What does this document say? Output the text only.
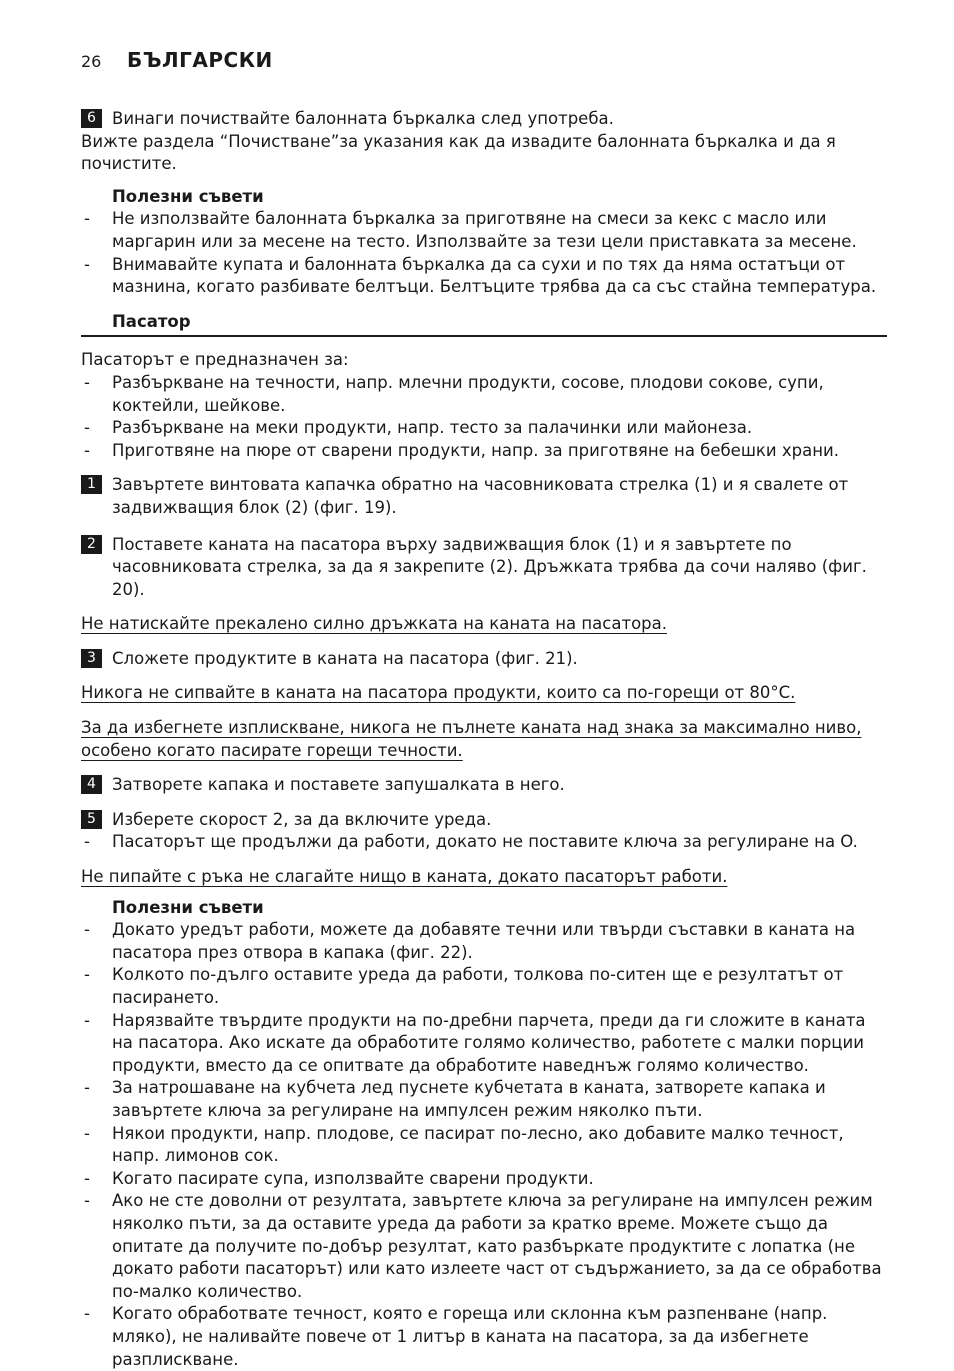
26 БЪЛГАРСКИ
6 Винаги почиствайте балонната бъркалка след употреба.

Вижте раздела “Почистване”за указания как да извадите балонната бъркалка и да я почистите.

Полезни съвети

- Не използвайте балонната бъркалка за приготвяне на смеси за кекс с масло или маргарин или за месене на тесто. Използвайте за тези цели приставката за месене.
- Внимавайте купата и балонната бъркалка да са сухи и по тях да няма остатъци от мазнина, когато разбивате белтъци. Белтъците трябва да са със стайна температура.

Пасатор

Пасаторът е предназначен за:

- Разбъркване на течности, напр. млечни продукти, сосове, плодови сокове, супи, коктейли, шейкове.
- Разбъркване на меки продукти, напр. тесто за палачинки или майонеза.
- Приготвяне на пюре от сварени продукти, напр. за приготвяне на бебешки храни.
1 Завъртете винтовата капачка обратно на часовниковата стрелка (1) и я свалете от задвижващия блок (2) (фиг. 19).
2 Поставете каната на пасатора върху задвижващия блок (1) и я завъртете по часовниковата стрелка, за да я закрепите (2). Дръжката трябва да сочи наляво (фиг. 20).

Не натискайте прекалено силно дръжката на каната на пасатора.

3 Сложете продуктите в каната на пасатора (фиг. 21).

Никога не сипвайте в каната на пасатора продукти, които са по-горещи от 80°C.

За да избегнете изплискване, никога не пълнете каната над знака за максимално ниво, особено когато пасирате горещи течности.

4 Затворете капака и поставете запушалката в него.
5 Изберете скорост 2, за да включите уреда.
- Пасаторът ще продължи да работи, докато не поставите ключа за регулиране на O.

Не пипайте с ръка не слагайте нищо в каната, докато пасаторът работи.

Полезни съвети

- Докато уредът работи, можете да добавяте течни или твърди съставки в каната на пасатора през отвора в капака (фиг. 22).
- Колкото по-дълго оставите уреда да работи, толкова по-ситен ще е резултатът от пасирането.
- Нарязвайте твърдите продукти на по-дребни парчета, преди да ги сложите в каната на пасатора. Ако искате да обработите голямо количество, работете с малки порции продукти, вместо да се опитвате да обработите наведнъж голямо количество.
- За натрошаване на кубчета лед пуснете кубчетата в каната, затворете капака и завъртете ключа за регулиране на импулсен режим няколко пъти.
- Някои продукти, напр. плодове, се пасират по-лесно, ако добавите малко течност, напр. лимонов сок.
- Когато пасирате супа, използвайте сварени продукти.
- Ако не сте доволни от резултата, завъртете ключа за регулиране на импулсен режим няколко пъти, за да оставите уреда да работи за кратко време. Можете също да опитате да получите по-добър резултат, като разбъркате продуктите с лопатка (не докато работи пасаторът) или като излеете част от съдържанието, за да се обработва по-малко количество.
- Когато обработвате течност, която е гореща или склонна към разпенване (напр. мляко), не наливайте повече от 1 литър в каната на пасатора, за да избегнете разплискване.
